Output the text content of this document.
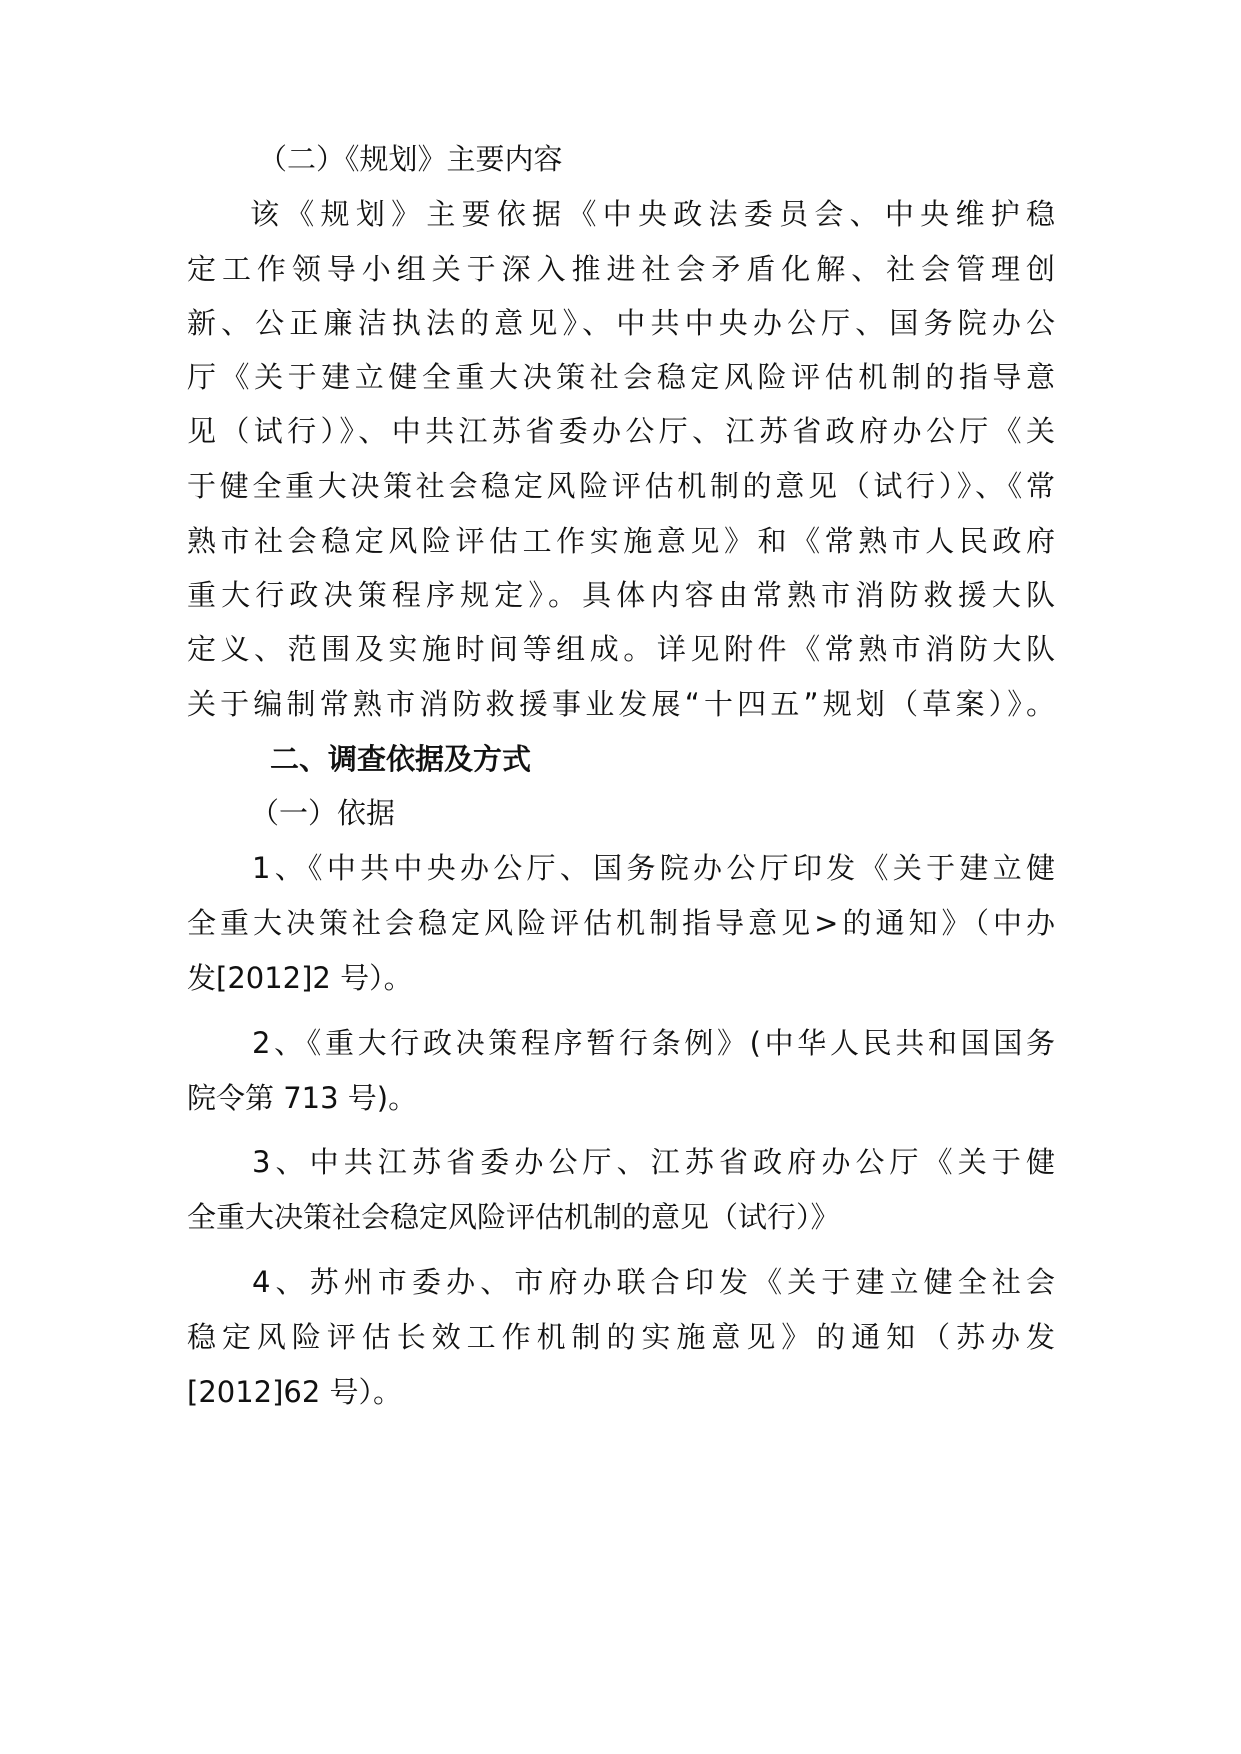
（二）《规划》主要内容
该《规划》主要依据《中央政法委员会、中央维护稳
定工作领导小组关于深入推进社会矛盾化解、社会管理创
新、公正廉洁执法的意见》、中共中央办公厅、国务院办公
厅《关于建立健全重大决策社会稳定风险评估机制的指导意
见（试行）》、中共江苏省委办公厅、江苏省政府办公厅《关
于健全重大决策社会稳定风险评估机制的意见（试行）》、《常
熟市社会稳定风险评估工作实施意见》和《常熟市人民政府
重大行政决策程序规定》。具体内容由常熟市消防救援大队
定义、范围及实施时间等组成。详见附件《常熟市消防大队
关于编制常熟市消防救援事业发展“十四五”规划（草案）》。
二、调查依据及方式
（一）依据
1、《中共中央办公厅、国务院办公厅印发《关于建立健
全重大决策社会稳定风险评估机制指导意见>的通知》（中办
发[2012]2 号）。
2、《重大行政决策程序暂行条例》(中华人民共和国国务
院令第 713 号)。
3、中共江苏省委办公厅、江苏省政府办公厅《关于健
全重大决策社会稳定风险评估机制的意见（试行）》
4、苏州市委办、市府办联合印发《关于建立健全社会
稳定风险评估长效工作机制的实施意见》的通知（苏办发
[2012]62 号）。
